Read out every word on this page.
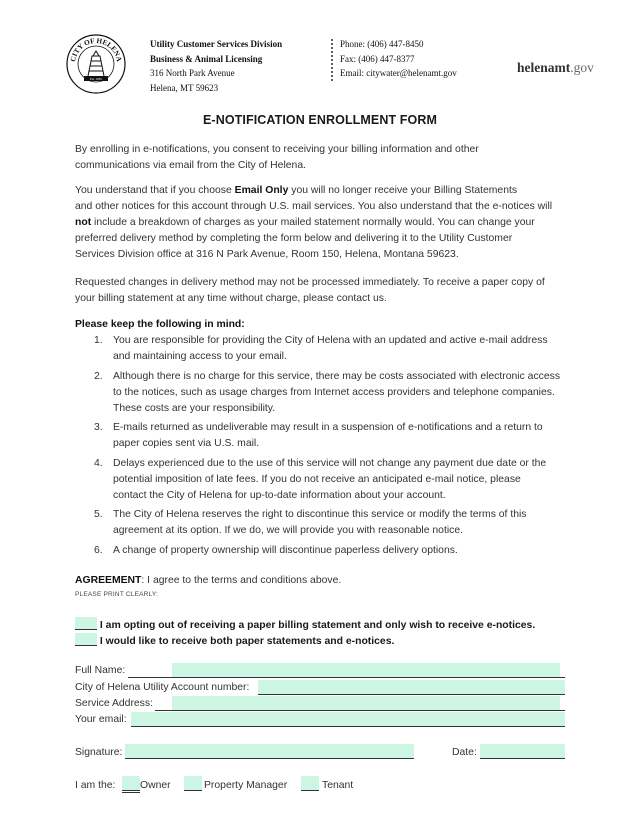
CITY OF HELENA
Est. 1881
Utility Customer Services Division
Business & Animal Licensing
316 North Park Avenue
Helena, MT 59623
Phone: (406) 447-8450
Fax: (406) 447-8377
Email: citywater@helenamt.gov	helenamt.gov
E-NOTIFICATION ENROLLMENT FORM
By enrolling in e-notifications, you consent to receiving your billing information and other
communications via email from the City of Helena.
You understand that if you choose Email Only you will no longer receive your Billing Statements
and other notices for this account through U.S. mail services. You also understand that the e-notices will
not include a breakdown of charges as your mailed statement normally would. You can change your
preferred delivery method by completing the form below and delivering it to the Utility Customer
Services Division office at 316 N Park Avenue, Room 150, Helena, Montana 59623.
Requested changes in delivery method may not be processed immediately. To receive a paper copy of
your billing statement at any time without charge, please contact us.
Please keep the following in mind:
1. You are responsible for providing the City of Helena with an updated and active e-mail address
and maintaining access to your email.
2. Although there is no charge for this service, there may be costs associated with electronic access
to the notices, such as usage charges from Internet access providers and telephone companies.
These costs are your responsibility.
3. E-mails returned as undeliverable may result in a suspension of e-notifications and a return to
paper copies sent via U.S. mail.
4. Delays experienced due to the use of this service will not change any payment due date or the
potential imposition of late fees. If you do not receive an anticipated e-mail notice, please
contact the City of Helena for up-to-date information about your account.
5. The City of Helena reserves the right to discontinue this service or modify the terms of this
agreement at its option. If we do, we will provide you with reasonable notice.
6. A change of property ownership will discontinue paperless delivery options.
AGREEMENT: I agree to the terms and conditions above.
PLEASE PRINT CLEARLY:
I am opting out of receiving a paper billing statement and only wish to receive e-notices.
I would like to receive both paper statements and e-notices.
Full Name:
City of Helena Utility Account number:
Service Address:
Your email:
Signature:	Date:
I am the: Owner	Property Manager	Tenant
